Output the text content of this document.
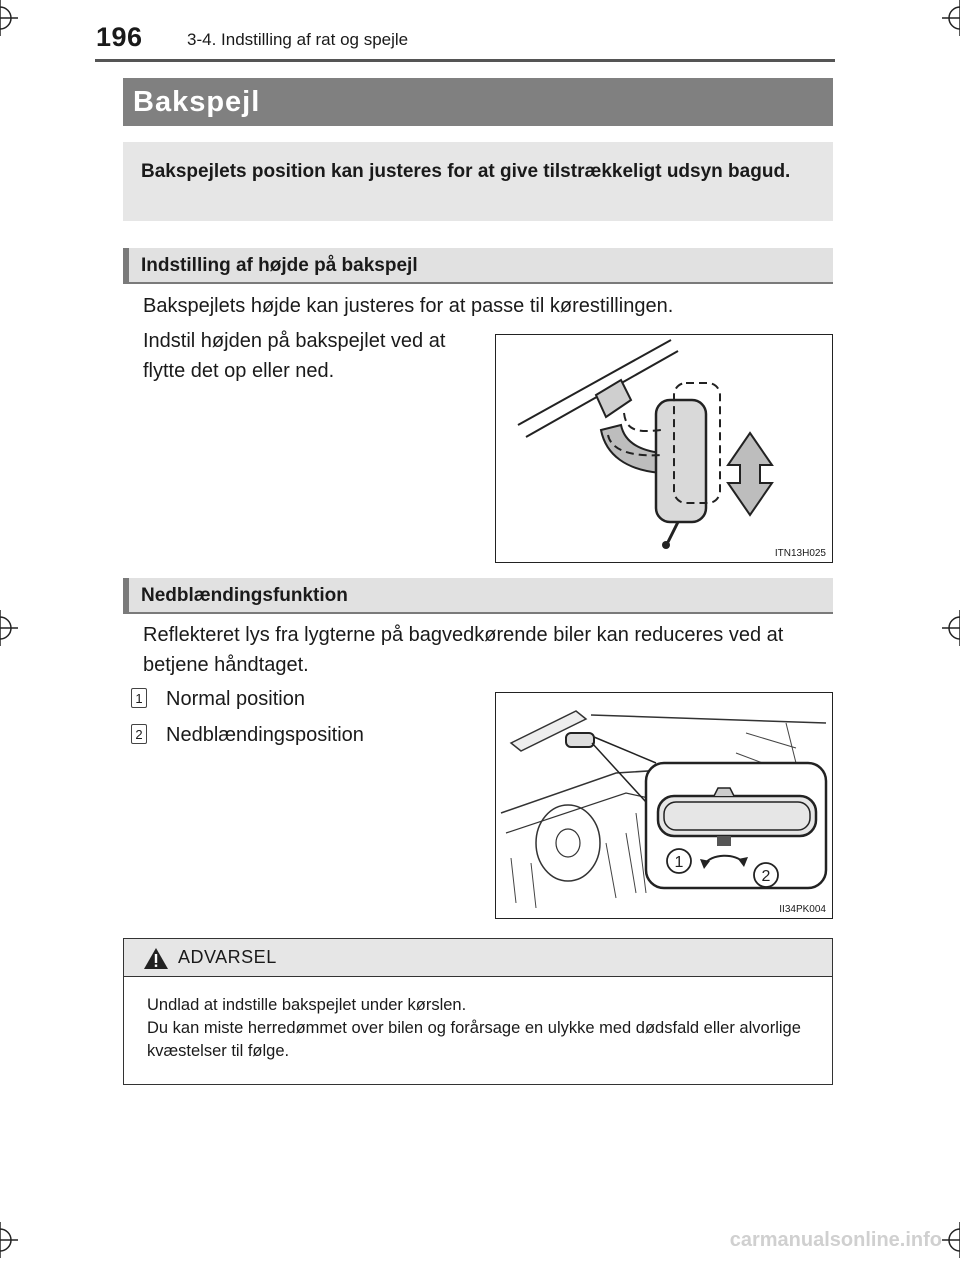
196	3-4. Indstilling af rat og spejle
Bakspejl
Bakspejlets position kan justeres for at give tilstrækkeligt udsyn bagud.
Indstilling af højde på bakspejl
Bakspejlets højde kan justeres for at passe til kørestillingen.
Indstil højden på bakspejlet ved at flytte det op eller ned.
ITN13H025
Nedblændingsfunktion
Reflekteret lys fra lygterne på bagvedkørende biler kan reduceres ved at betjene håndtaget.
1 Normal position
2 Nedblændingsposition
1
2
II34PK004
ADVARSEL
Undlad at indstille bakspejlet under kørslen.
Du kan miste herredømmet over bilen og forårsage en ulykke med dødsfald eller alvorlige kvæstelser til følge.
carmanualsonline.info
